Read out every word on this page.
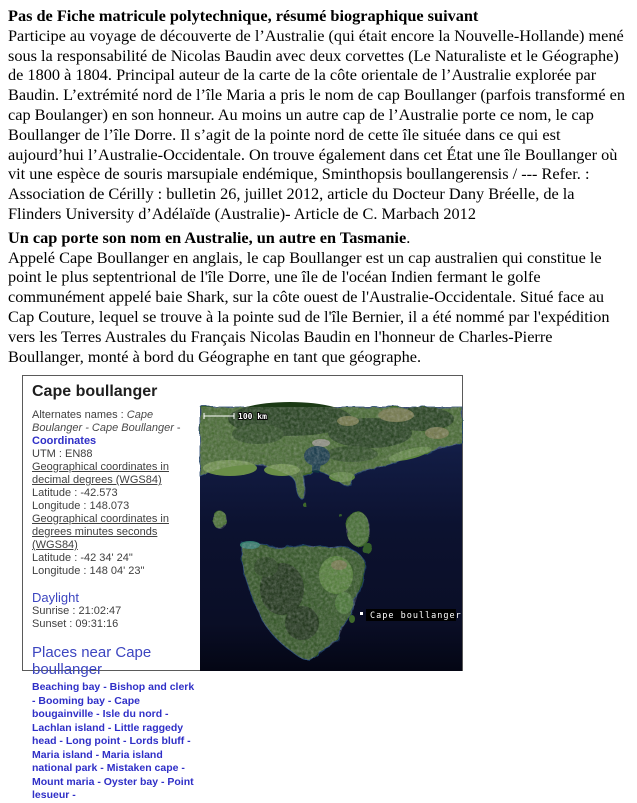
Pas de Fiche matricule polytechnique, résumé biographique suivant
Participe au voyage de découverte de l’Australie (qui était encore la Nouvelle-Hollande) mené sous la responsabilité de Nicolas Baudin avec deux corvettes (Le Naturaliste et le Géographe) de 1800 à 1804. Principal auteur de la carte de la côte orientale de l’Australie explorée par Baudin. L’extrémité nord de l’île Maria a pris le nom de cap Boullanger (parfois transformé en cap Boulanger) en son honneur. Au moins un autre cap de l’Australie porte ce nom, le cap Boullanger de l’île Dorre. Il s’agit de la pointe nord de cette île située dans ce qui est aujourd’hui l’Australie-Occidentale. On trouve également dans cet État une île Boullanger où vit une espèce de souris marsupiale endémique, Sminthopsis boullangerensis / --- Refer. : Association de Cérilly : bulletin 26, juillet 2012, article du Docteur Dany Bréelle, de la Flinders University d’Adélaïde (Australie)- Article de C. Marbach 2012

Un cap porte son nom en Australie, un autre en Tasmanie.
Appelé Cape Boullanger en anglais, le cap Boullanger est un cap australien qui constitue le point le plus septentrional de l'île Dorre, une île de l'océan Indien fermant le golfe communément appelé baie Shark, sur la côte ouest de l'Australie-Occidentale. Situé face au Cap Couture, lequel se trouve à la pointe sud de l'île Bernier, il a été nommé par l'expédition vers les Terres Australes du Français Nicolas Baudin en l'honneur de Charles-Pierre Boullanger, monté à bord du Géographe en tant que géographe.

Cape boullanger
Alternates names : Cape Boulanger - Cape Boullanger - Coordinates
UTM : EN88
Geographical coordinates in decimal degrees (WGS84)
Latitude : -42.573
Longitude : 148.073
Geographical coordinates in degrees minutes seconds (WGS84)
Latitude : -42 34' 24"
Longitude : 148 04' 23"
Daylight
Sunrise : 21:02:47
Sunset : 09:31:16
Places near Cape boullanger
Beaching bay - Bishop and clerk - Booming bay - Cape bougainville - Isle du nord - Lachlan island - Little raggedy head - Long point - Lords bluff - Maria island - Maria island national park - Mistaken cape - Mount maria - Oyster bay - Point lesueur -
100 km
Cape boullanger
